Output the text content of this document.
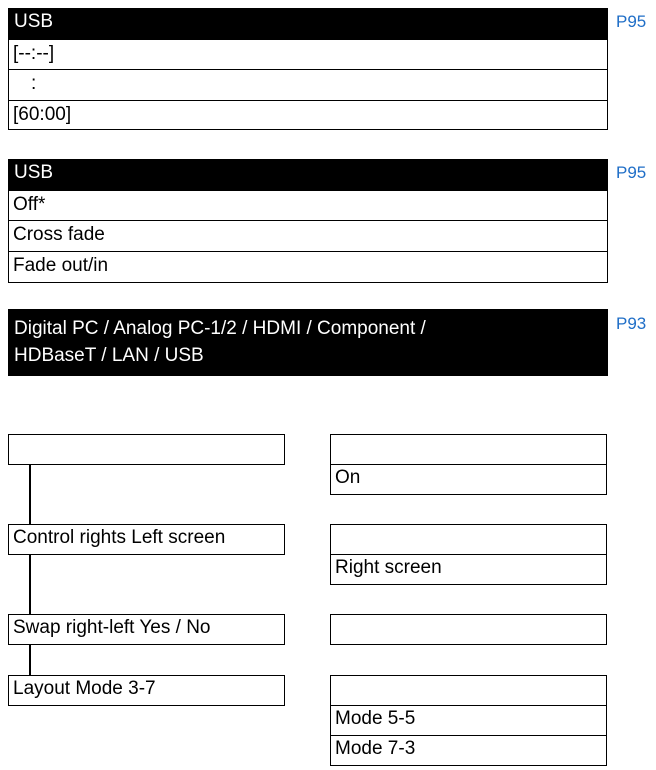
USB
[--:--]
:
[60:00]
P95
USB
Off*
Cross fade
Fade out/in
P95
Digital PC / Analog PC-1/2 / HDMI / Component /
HDBaseT / LAN / USB
P93
Control rights Left screen
Swap right-left Yes / No
Layout Mode 3-7
On
Right screen
Mode 5-5
Mode 7-3
